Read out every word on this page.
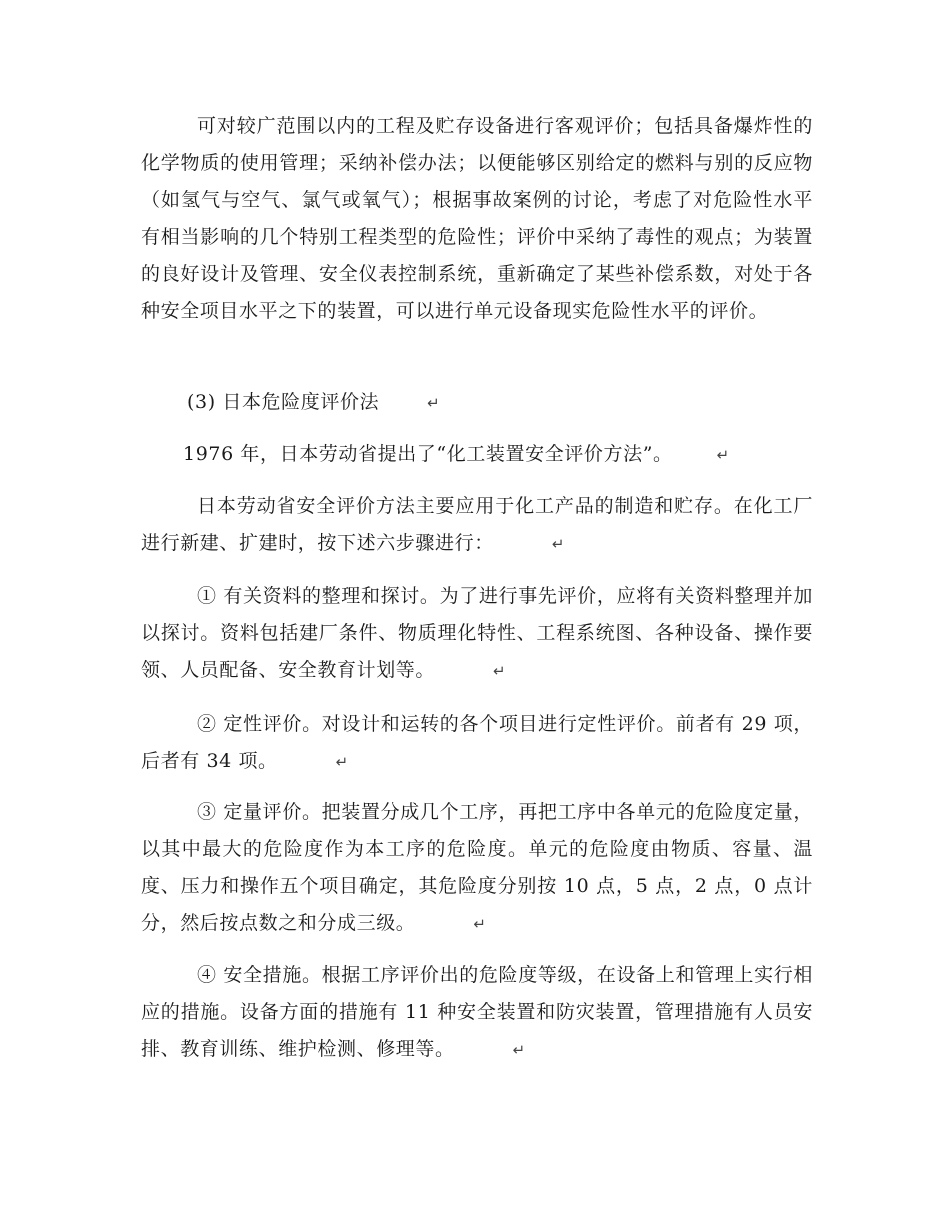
可对较广范围以内的工程及贮存设备进行客观评价；包括具备爆炸性的化学物质的使用管理；采纳补偿办法；以便能够区别给定的燃料与别的反应物（如氢气与空气、氯气或氧气）；根据事故案例的讨论，考虑了对危险性水平有相当影响的几个特别工程类型的危险性；评价中采纳了毒性的观点；为装置的良好设计及管理、安全仪表控制系统，重新确定了某些补偿系数，对处于各种安全项目水平之下的装置，可以进行单元设备现实危险性水平的评价。

(3) 日本危险度评价法	↵

1976 年，日本劳动省提出了“化工装置安全评价方法”。	↵

日本劳动省安全评价方法主要应用于化工产品的制造和贮存。在化工厂进行新建、扩建时，按下述六步骤进行：	↵

① 有关资料的整理和探讨。为了进行事先评价，应将有关资料整理并加以探讨。资料包括建厂条件、物质理化特性、工程系统图、各种设备、操作要领、人员配备、安全教育计划等。	↵

② 定性评价。对设计和运转的各个项目进行定性评价。前者有 29 项，后者有 34 项。	↵

③ 定量评价。把装置分成几个工序，再把工序中各单元的危险度定量，以其中最大的危险度作为本工序的危险度。单元的危险度由物质、容量、温度、压力和操作五个项目确定，其危险度分别按 10 点，5 点，2 点，0 点计分，然后按点数之和分成三级。	↵

④ 安全措施。根据工序评价出的危险度等级，在设备上和管理上实行相应的措施。设备方面的措施有 11 种安全装置和防灾装置，管理措施有人员安排、教育训练、维护检测、修理等。	↵
